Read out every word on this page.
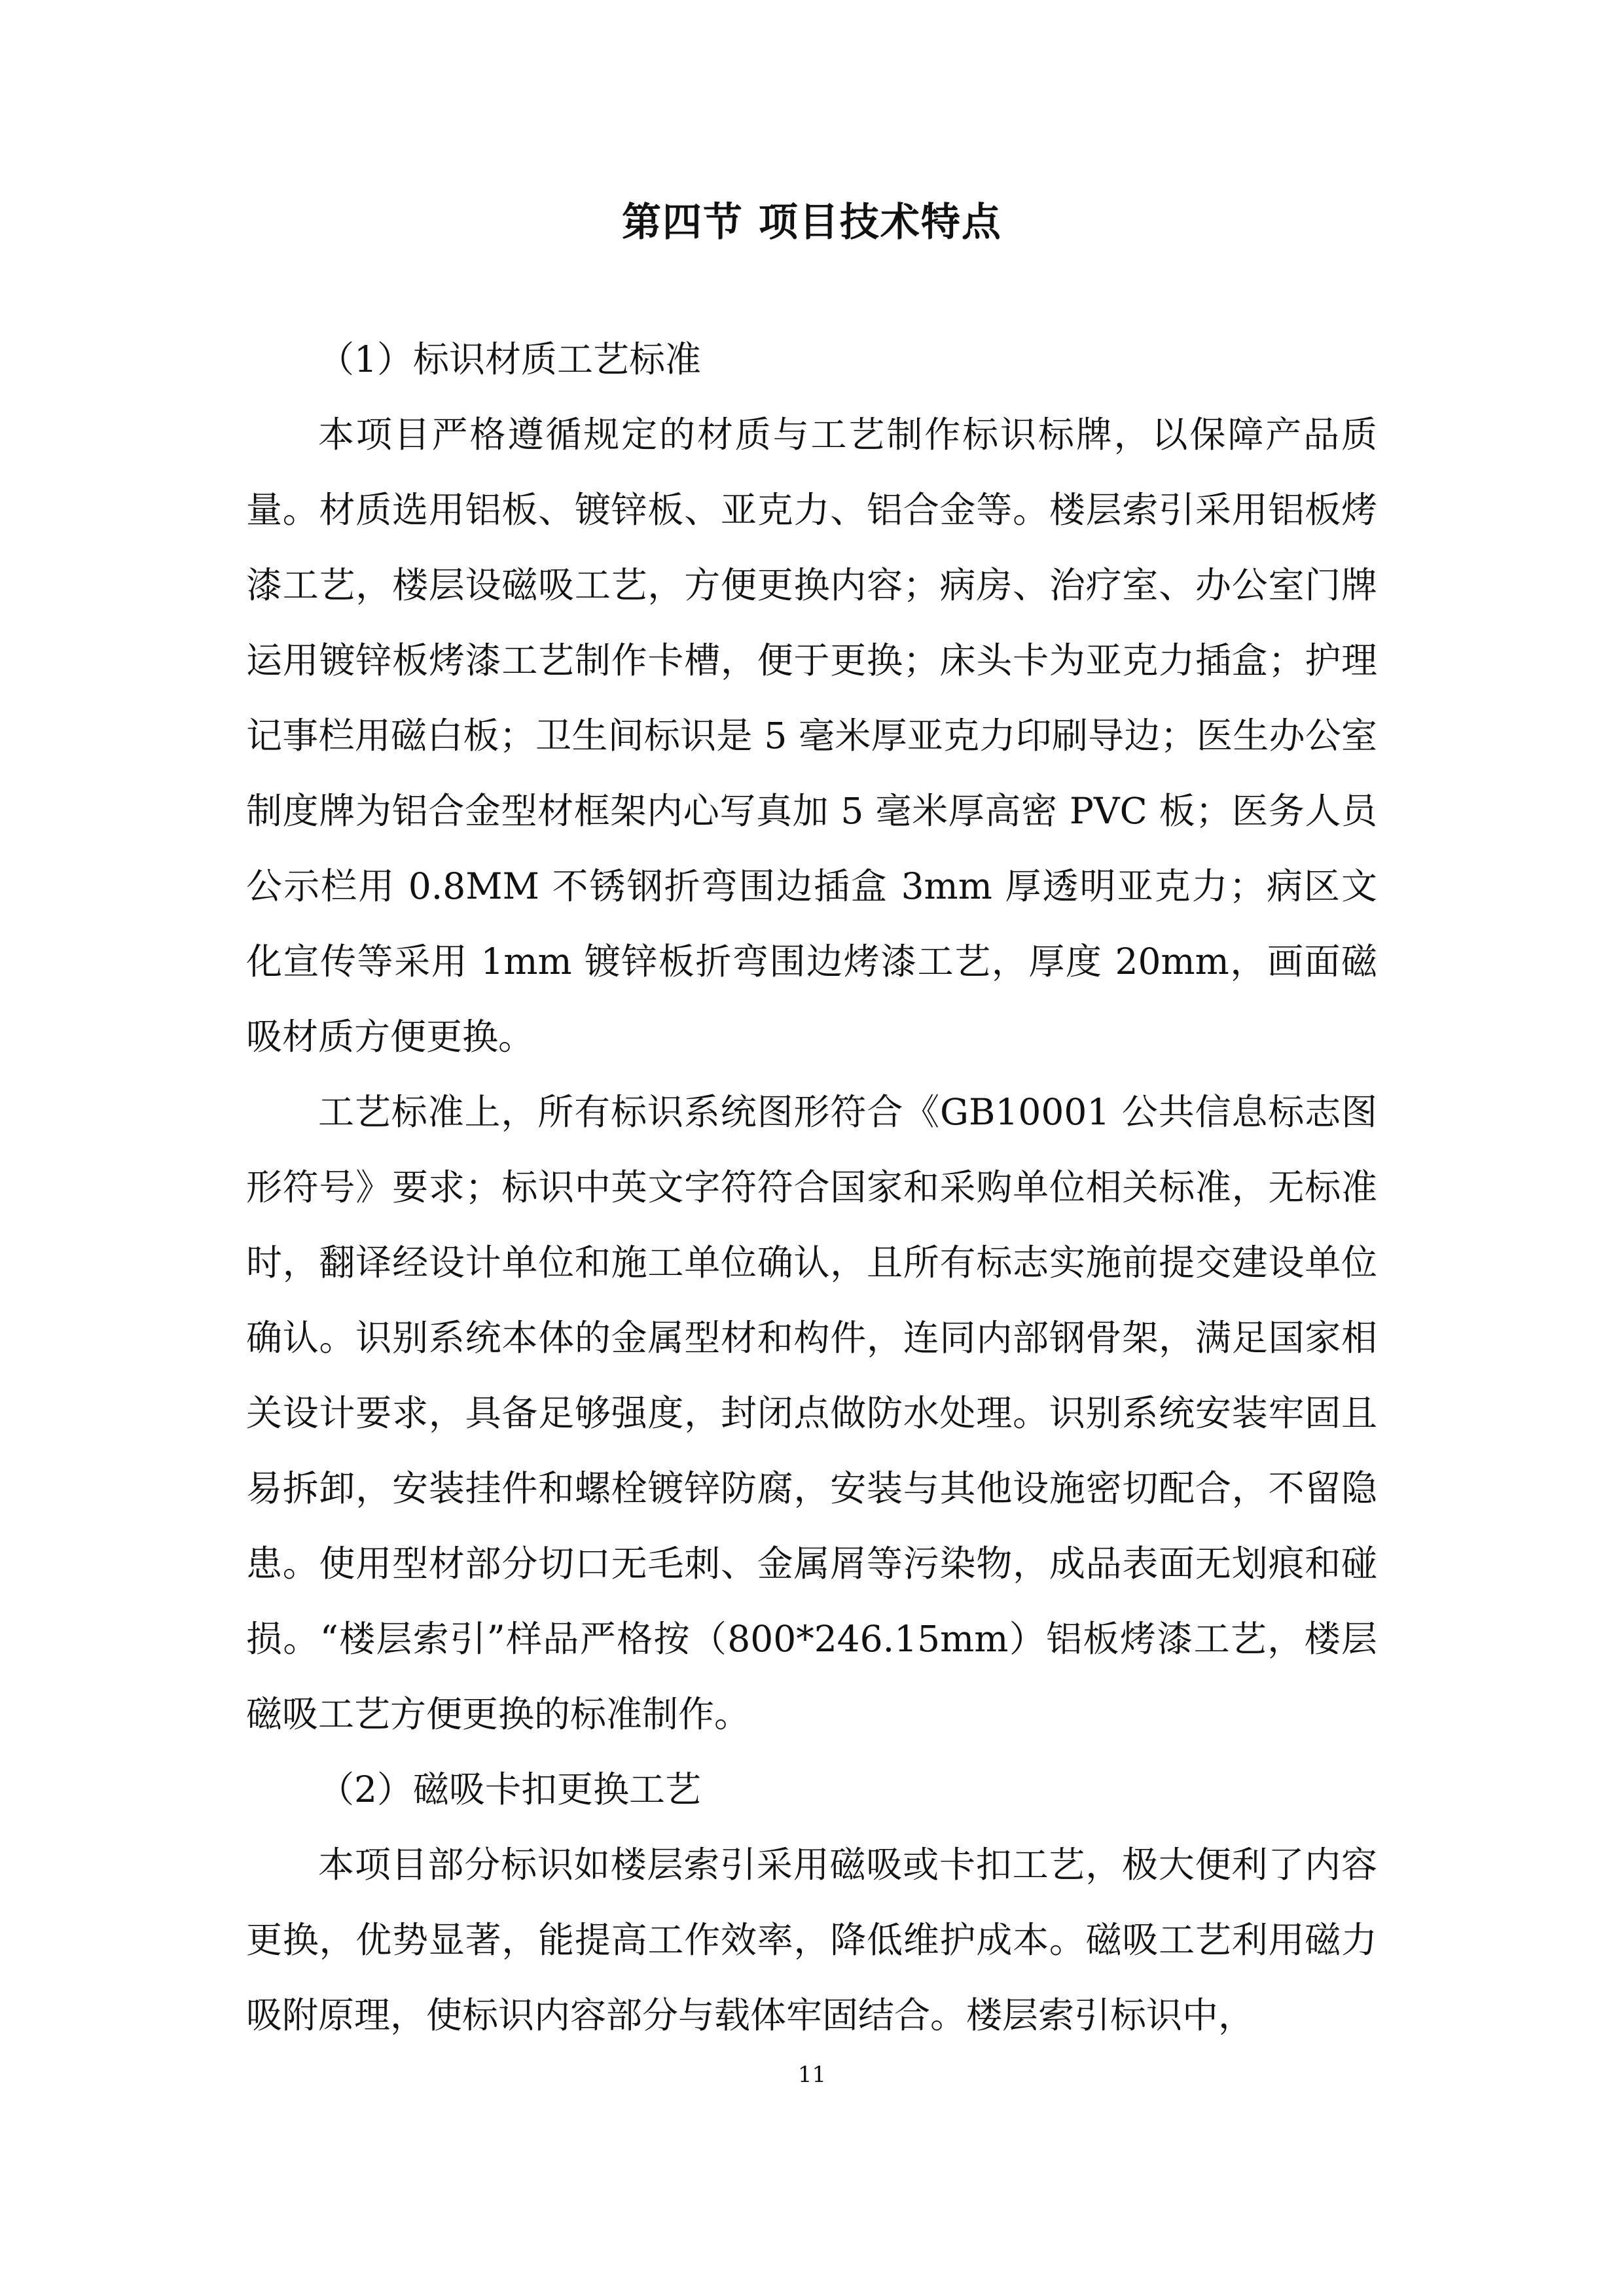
第四节 项目技术特点

（1）标识材质工艺标准

本项目严格遵循规定的材质与工艺制作标识标牌，以保障产品质量。材质选用铝板、镀锌板、亚克力、铝合金等。楼层索引采用铝板烤漆工艺，楼层设磁吸工艺，方便更换内容；病房、治疗室、办公室门牌运用镀锌板烤漆工艺制作卡槽，便于更换；床头卡为亚克力插盒；护理记事栏用磁白板；卫生间标识是 5 毫米厚亚克力印刷导边；医生办公室制度牌为铝合金型材框架内心写真加 5 毫米厚高密 PVC 板；医务人员公示栏用 0.8MM 不锈钢折弯围边插盒 3mm 厚透明亚克力；病区文化宣传等采用 1mm 镀锌板折弯围边烤漆工艺，厚度 20mm，画面磁吸材质方便更换。

工艺标准上，所有标识系统图形符合《GB10001 公共信息标志图形符号》要求；标识中英文字符符合国家和采购单位相关标准，无标准时，翻译经设计单位和施工单位确认，且所有标志实施前提交建设单位确认。识别系统本体的金属型材和构件，连同内部钢骨架，满足国家相关设计要求，具备足够强度，封闭点做防水处理。识别系统安装牢固且易拆卸，安装挂件和螺栓镀锌防腐，安装与其他设施密切配合，不留隐患。使用型材部分切口无毛刺、金属屑等污染物，成品表面无划痕和碰损。“楼层索引”样品严格按（800*246.15mm）铝板烤漆工艺，楼层磁吸工艺方便更换的标准制作。

（2）磁吸卡扣更换工艺

本项目部分标识如楼层索引采用磁吸或卡扣工艺，极大便利了内容更换，优势显著，能提高工作效率，降低维护成本。磁吸工艺利用磁力吸附原理，使标识内容部分与载体牢固结合。楼层索引标识中，

11
